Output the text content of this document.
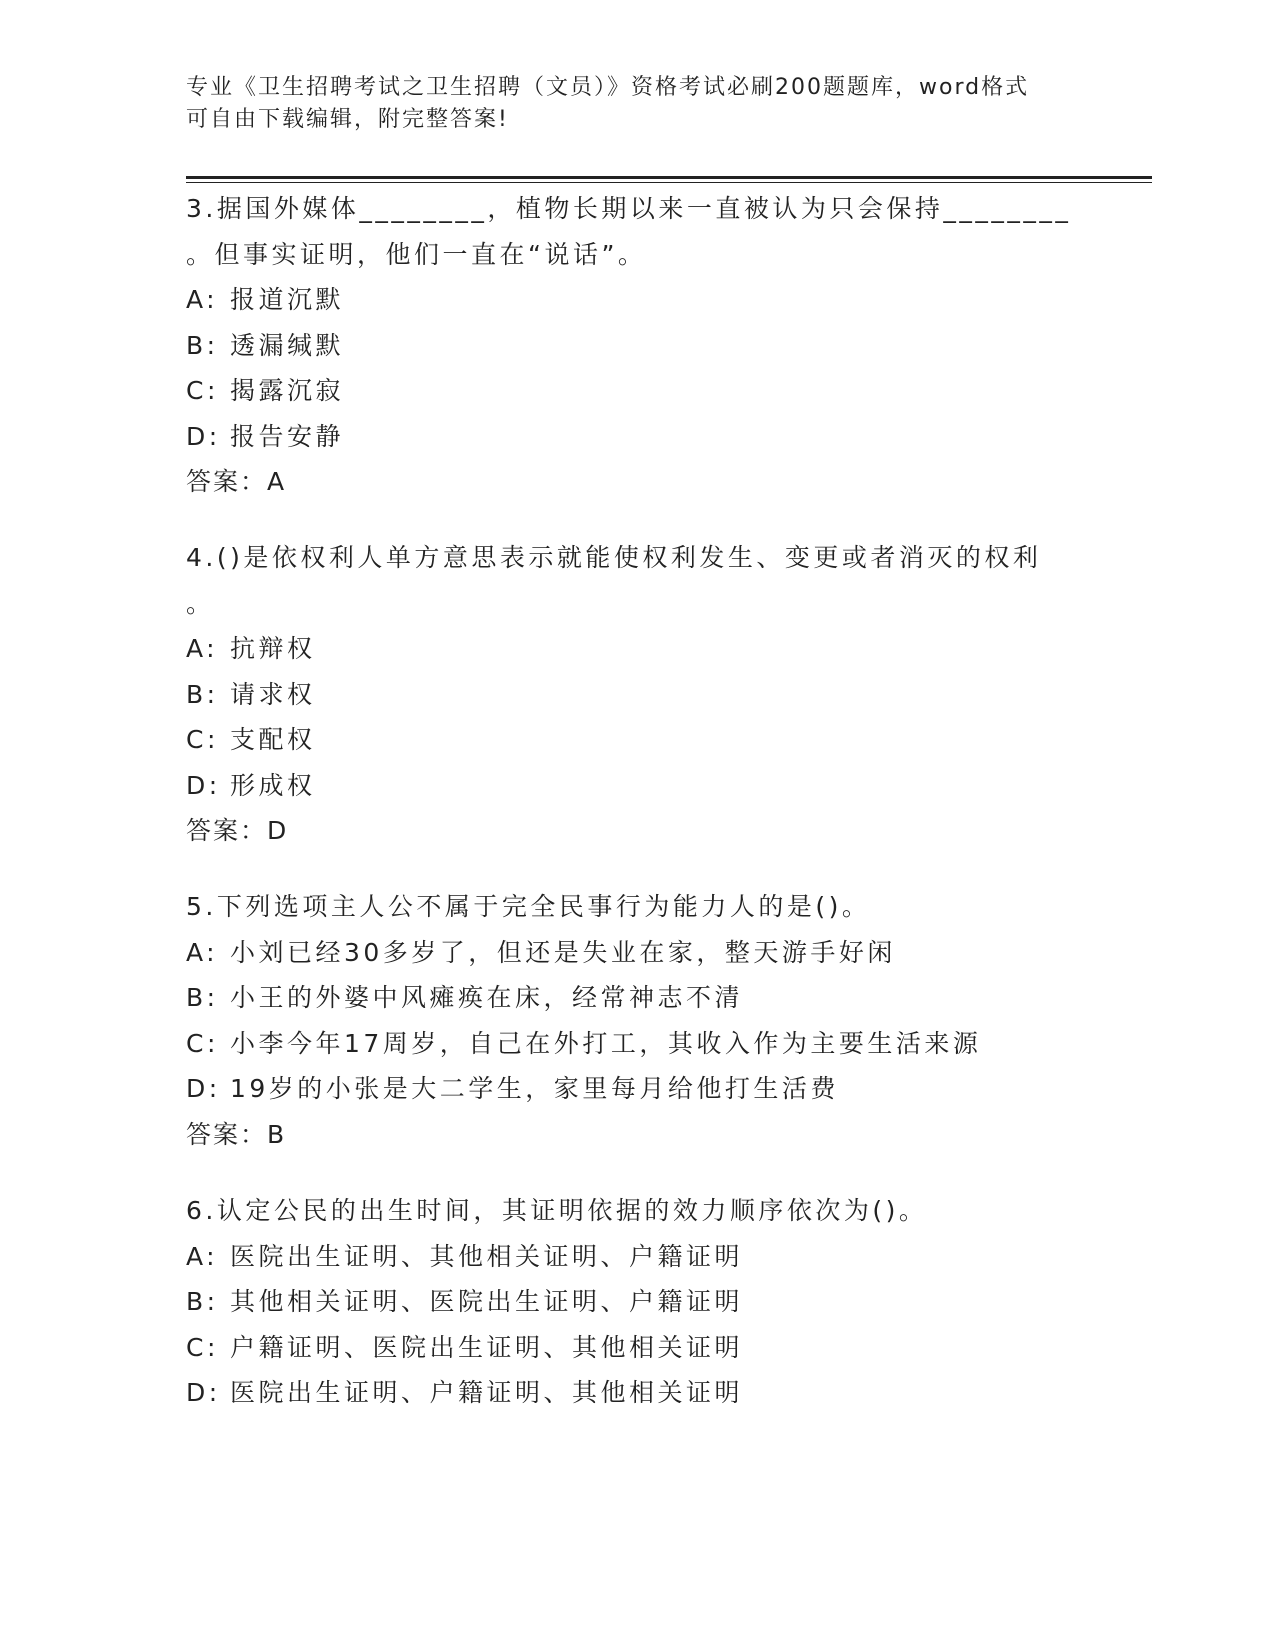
专业《卫生招聘考试之卫生招聘（文员）》资格考试必刷200题题库，word格式
可自由下载编辑，附完整答案!
3.据国外媒体________，植物长期以来一直被认为只会保持________
。但事实证明，他们一直在“说话”。
A: 报道沉默
B: 透漏缄默
C: 揭露沉寂
D: 报告安静
答案：A
4.()是依权利人单方意思表示就能使权利发生、变更或者消灭的权利
。
A: 抗辩权
B: 请求权
C: 支配权
D: 形成权
答案：D
5.下列选项主人公不属于完全民事行为能力人的是()。
A: 小刘已经30多岁了，但还是失业在家，整天游手好闲
B: 小王的外婆中风瘫痪在床，经常神志不清
C: 小李今年17周岁，自己在外打工，其收入作为主要生活来源
D: 19岁的小张是大二学生，家里每月给他打生活费
答案：B
6.认定公民的出生时间，其证明依据的效力顺序依次为()。
A: 医院出生证明、其他相关证明、户籍证明
B: 其他相关证明、医院出生证明、户籍证明
C: 户籍证明、医院出生证明、其他相关证明
D: 医院出生证明、户籍证明、其他相关证明
